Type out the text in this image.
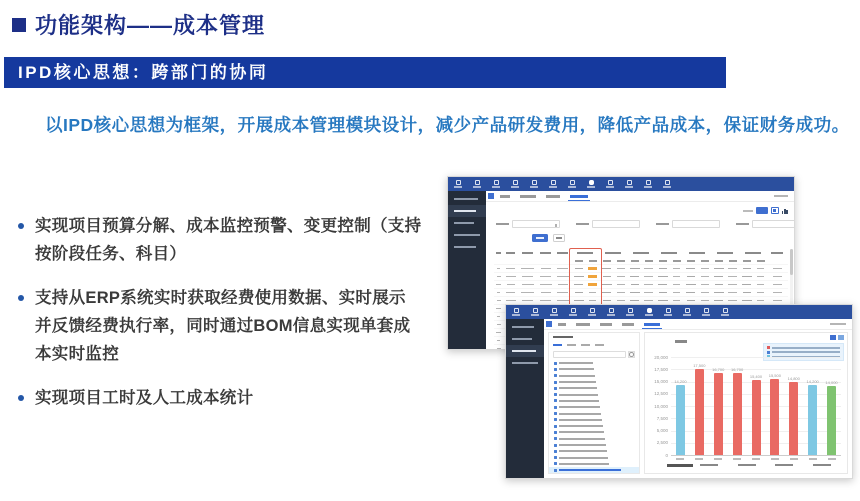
功能架构——成本管理
IPD核心思想：跨部门的协同
以IPD核心思想为框架，开展成本管理模块设计，减少产品研发费用，降低产品成本，保证财务成功。
实现项目预算分解、成本监控预警、变更控制（支持按阶段任务、科目）
支持从ERP系统实时获取经费使用数据、实时展示并反馈经费执行率，同时通过BOM信息实现单套成本实时监控
实现项目工时及人工成本统计
0
2,500
5,000
7,500
10,000
12,500
15,000
17,500
20,000
14,200
17,500
16,700	16,700
15,400	15,500
14,800
14,200	14,000
